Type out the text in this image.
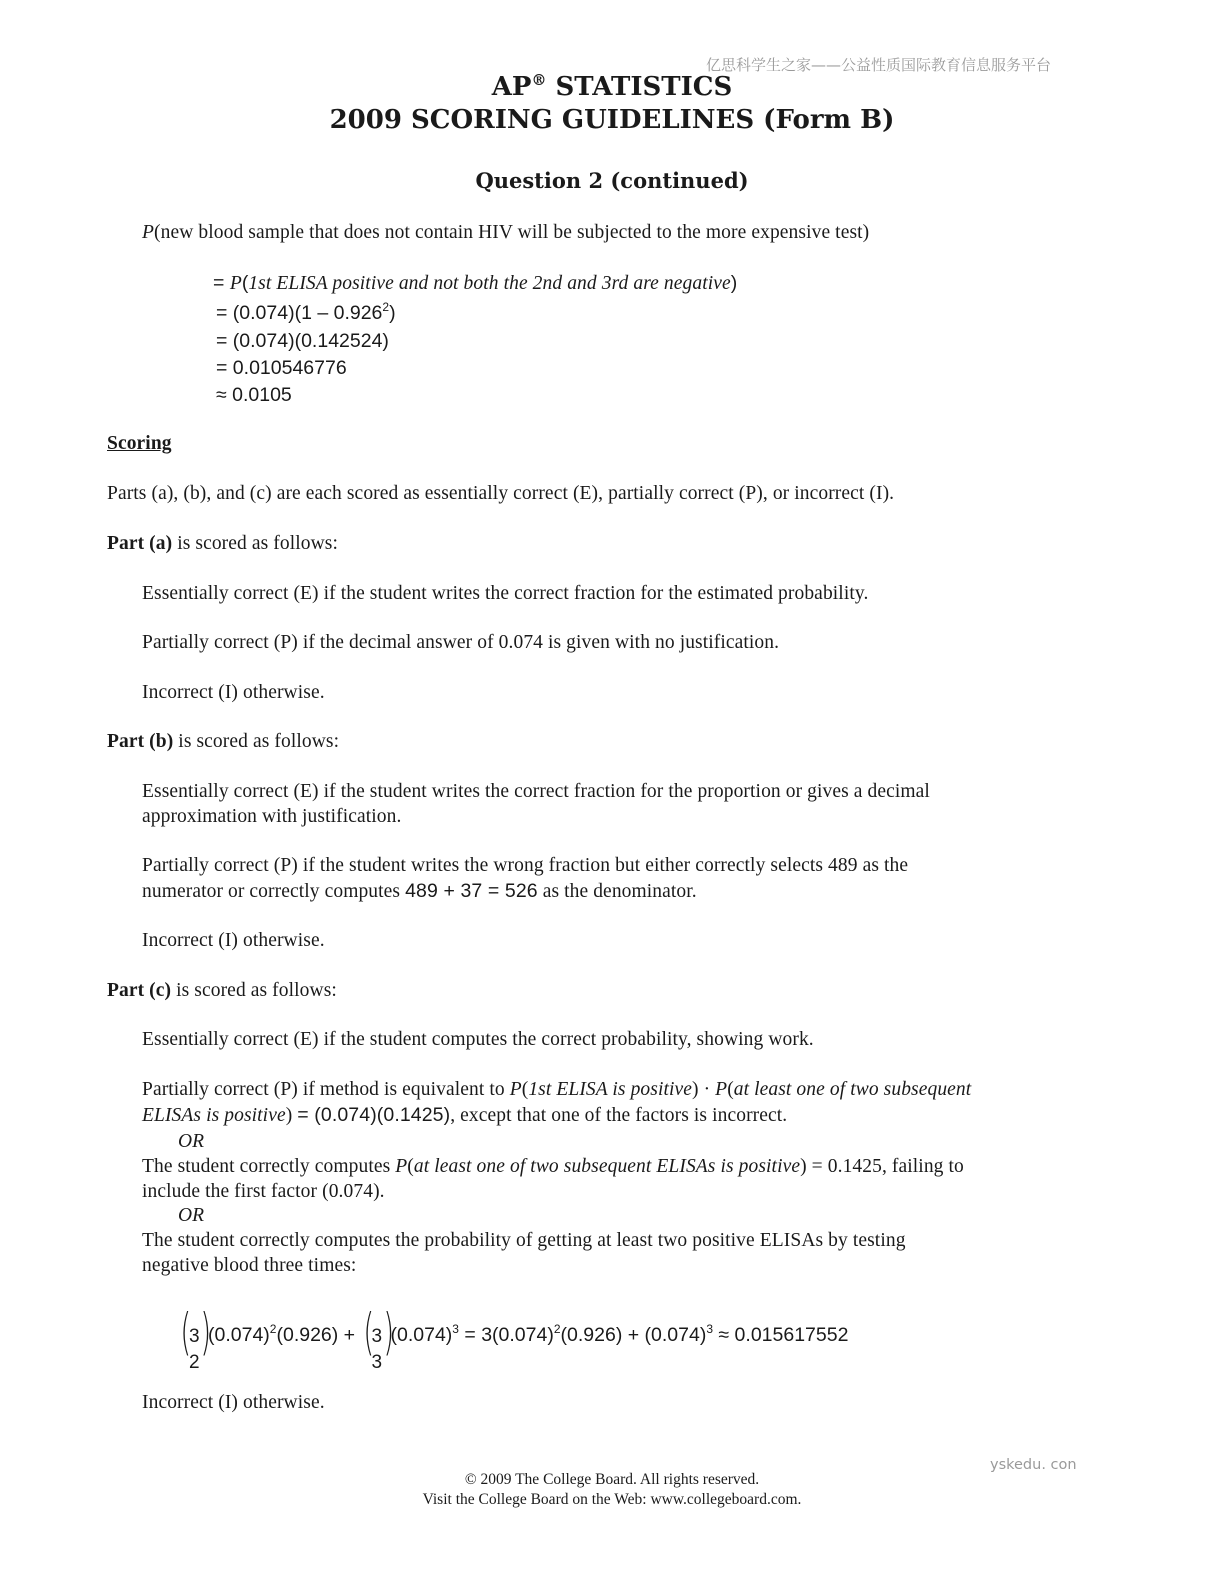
亿思科学生之家——公益性质国际教育信息服务平台
AP® STATISTICS
2009 SCORING GUIDELINES (Form B)
Question 2 (continued)
P(new blood sample that does not contain HIV will be subjected to the more expensive test)
= P(1st ELISA positive and not both the 2nd and 3rd are negative)
= $(0.074)(1 - 0.926^2)$
= (0.074)(0.142524)
= 0.010546776
≈ 0.0105
Scoring
Parts (a), (b), and (c) are each scored as essentially correct (E), partially correct (P), or incorrect (I).
Part (a) is scored as follows:
Essentially correct (E) if the student writes the correct fraction for the estimated probability.
Partially correct (P) if the decimal answer of 0.074 is given with no justification.
Incorrect (I) otherwise.
Part (b) is scored as follows:
Essentially correct (E) if the student writes the correct fraction for the proportion or gives a decimal
approximation with justification.
Partially correct (P) if the student writes the wrong fraction but either correctly selects 489 as the
numerator or correctly computes 489 + 37 = 526 as the denominator.
Incorrect (I) otherwise.
Part (c) is scored as follows:
Essentially correct (E) if the student computes the correct probability, showing work.
Partially correct (P) if method is equivalent to P(1st ELISA is positive) · P(at least one of two subsequent
ELISAs is positive) = (0.074)(0.1425), except that one of the factors is incorrect.
OR
The student correctly computes P(at least one of two subsequent ELISAs is positive) = 0.1425, failing to
include the first factor (0.074).
OR
The student correctly computes the probability of getting at least two positive ELISAs by testing
negative blood three times:
(
3
2
)
$(0.074)^2(0.926)$ + (
3
3
)
$(0.074)^3 = 3(0.074)^2(0.926) + (0.074)^3 \approx 0.015617552$
Incorrect (I) otherwise.
yskedu. con
© 2009 The College Board. All rights reserved.
Visit the College Board on the Web: www.collegeboard.com.
